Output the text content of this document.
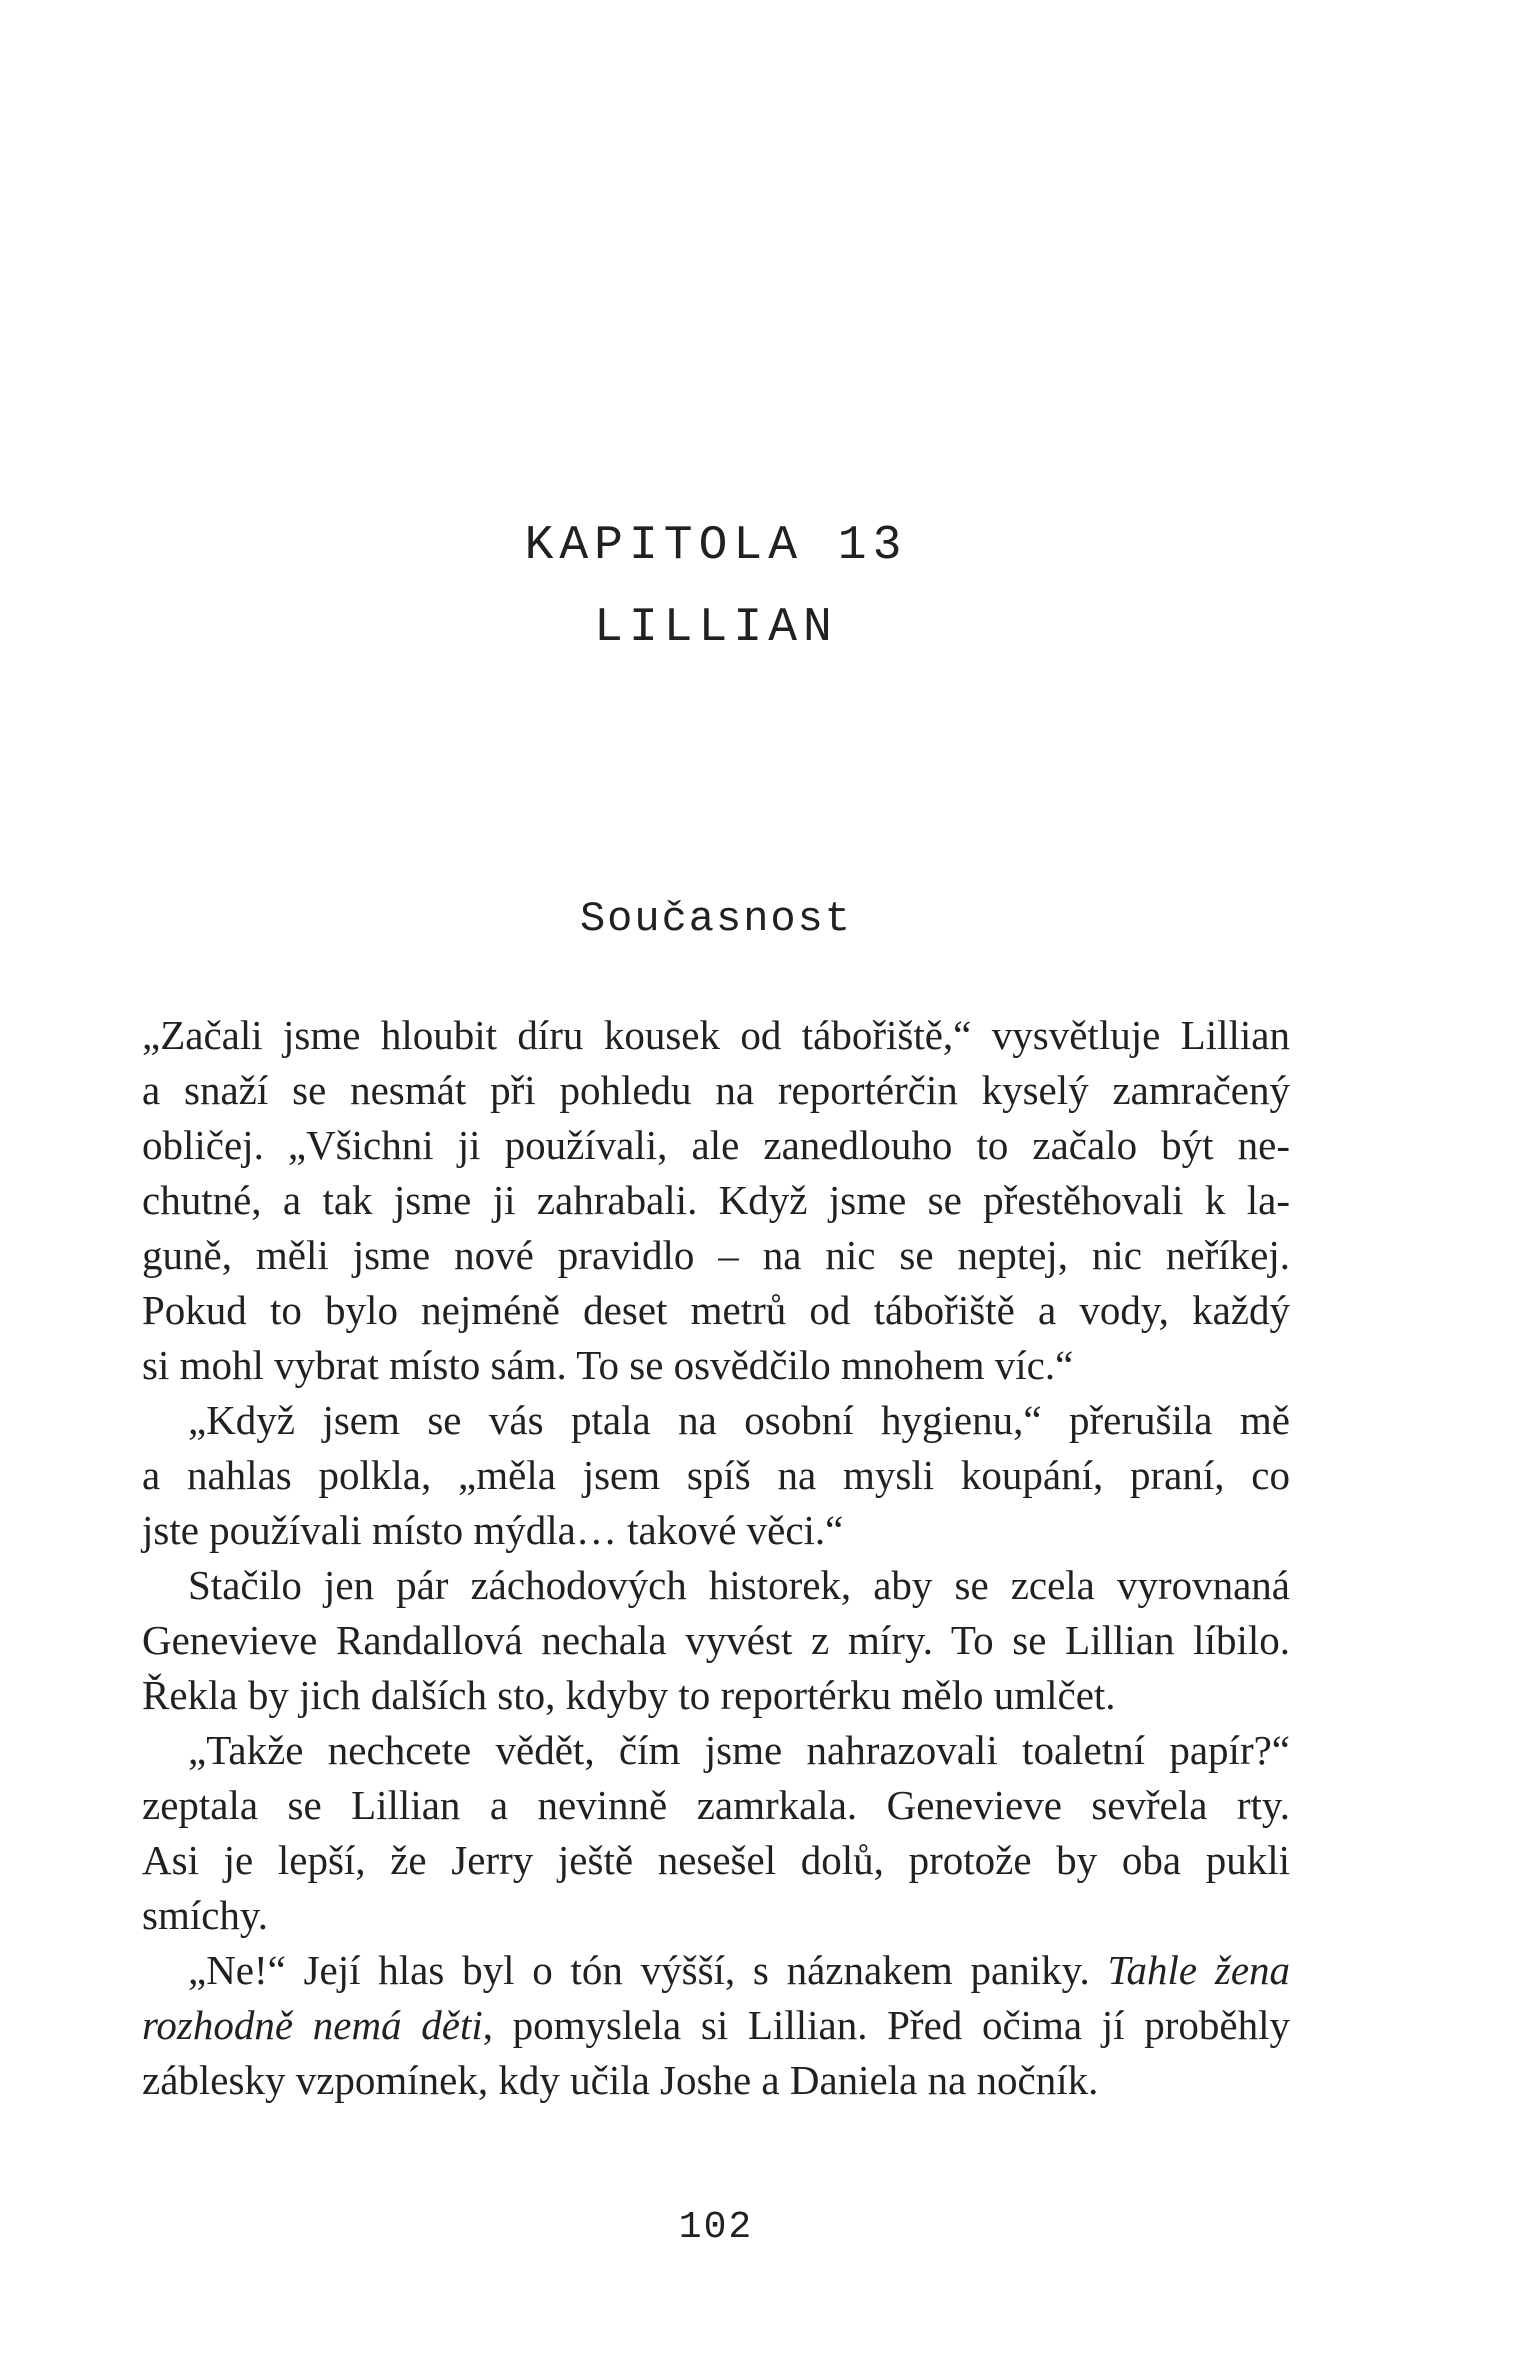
KAPITOLA 13
LILLIAN
Současnost
„Začali jsme hloubit díru kousek od tábořiště,“ vysvětluje Lillian
a snaží se nesmát při pohledu na reportérčin kyselý zamračený
obličej. „Všichni ji používali, ale zanedlouho to začalo být ne-
chutné, a tak jsme ji zahrabali. Když jsme se přestěhovali k la-
guně, měli jsme nové pravidlo – na nic se neptej, nic neříkej.
Pokud to bylo nejméně deset metrů od tábořiště a vody, každý
si mohl vybrat místo sám. To se osvědčilo mnohem víc.“
„Když jsem se vás ptala na osobní hygienu,“ přerušila mě
a nahlas polkla, „měla jsem spíš na mysli koupání, praní, co
jste používali místo mýdla… takové věci.“
Stačilo jen pár záchodových historek, aby se zcela vyrovnaná
Genevieve Randallová nechala vyvést z míry. To se Lillian líbilo.
Řekla by jich dalších sto, kdyby to reportérku mělo umlčet.
„Takže nechcete vědět, čím jsme nahrazovali toaletní papír?“
zeptala se Lillian a nevinně zamrkala. Genevieve sevřela rty.
Asi je lepší, že Jerry ještě nesešel dolů, protože by oba pukli
smíchy.
„Ne!“ Její hlas byl o tón výšší, s náznakem paniky. Tahle žena
rozhodně nemá děti, pomyslela si Lillian. Před očima jí proběhly
záblesky vzpomínek, kdy učila Joshe a Daniela na nočník.
102
